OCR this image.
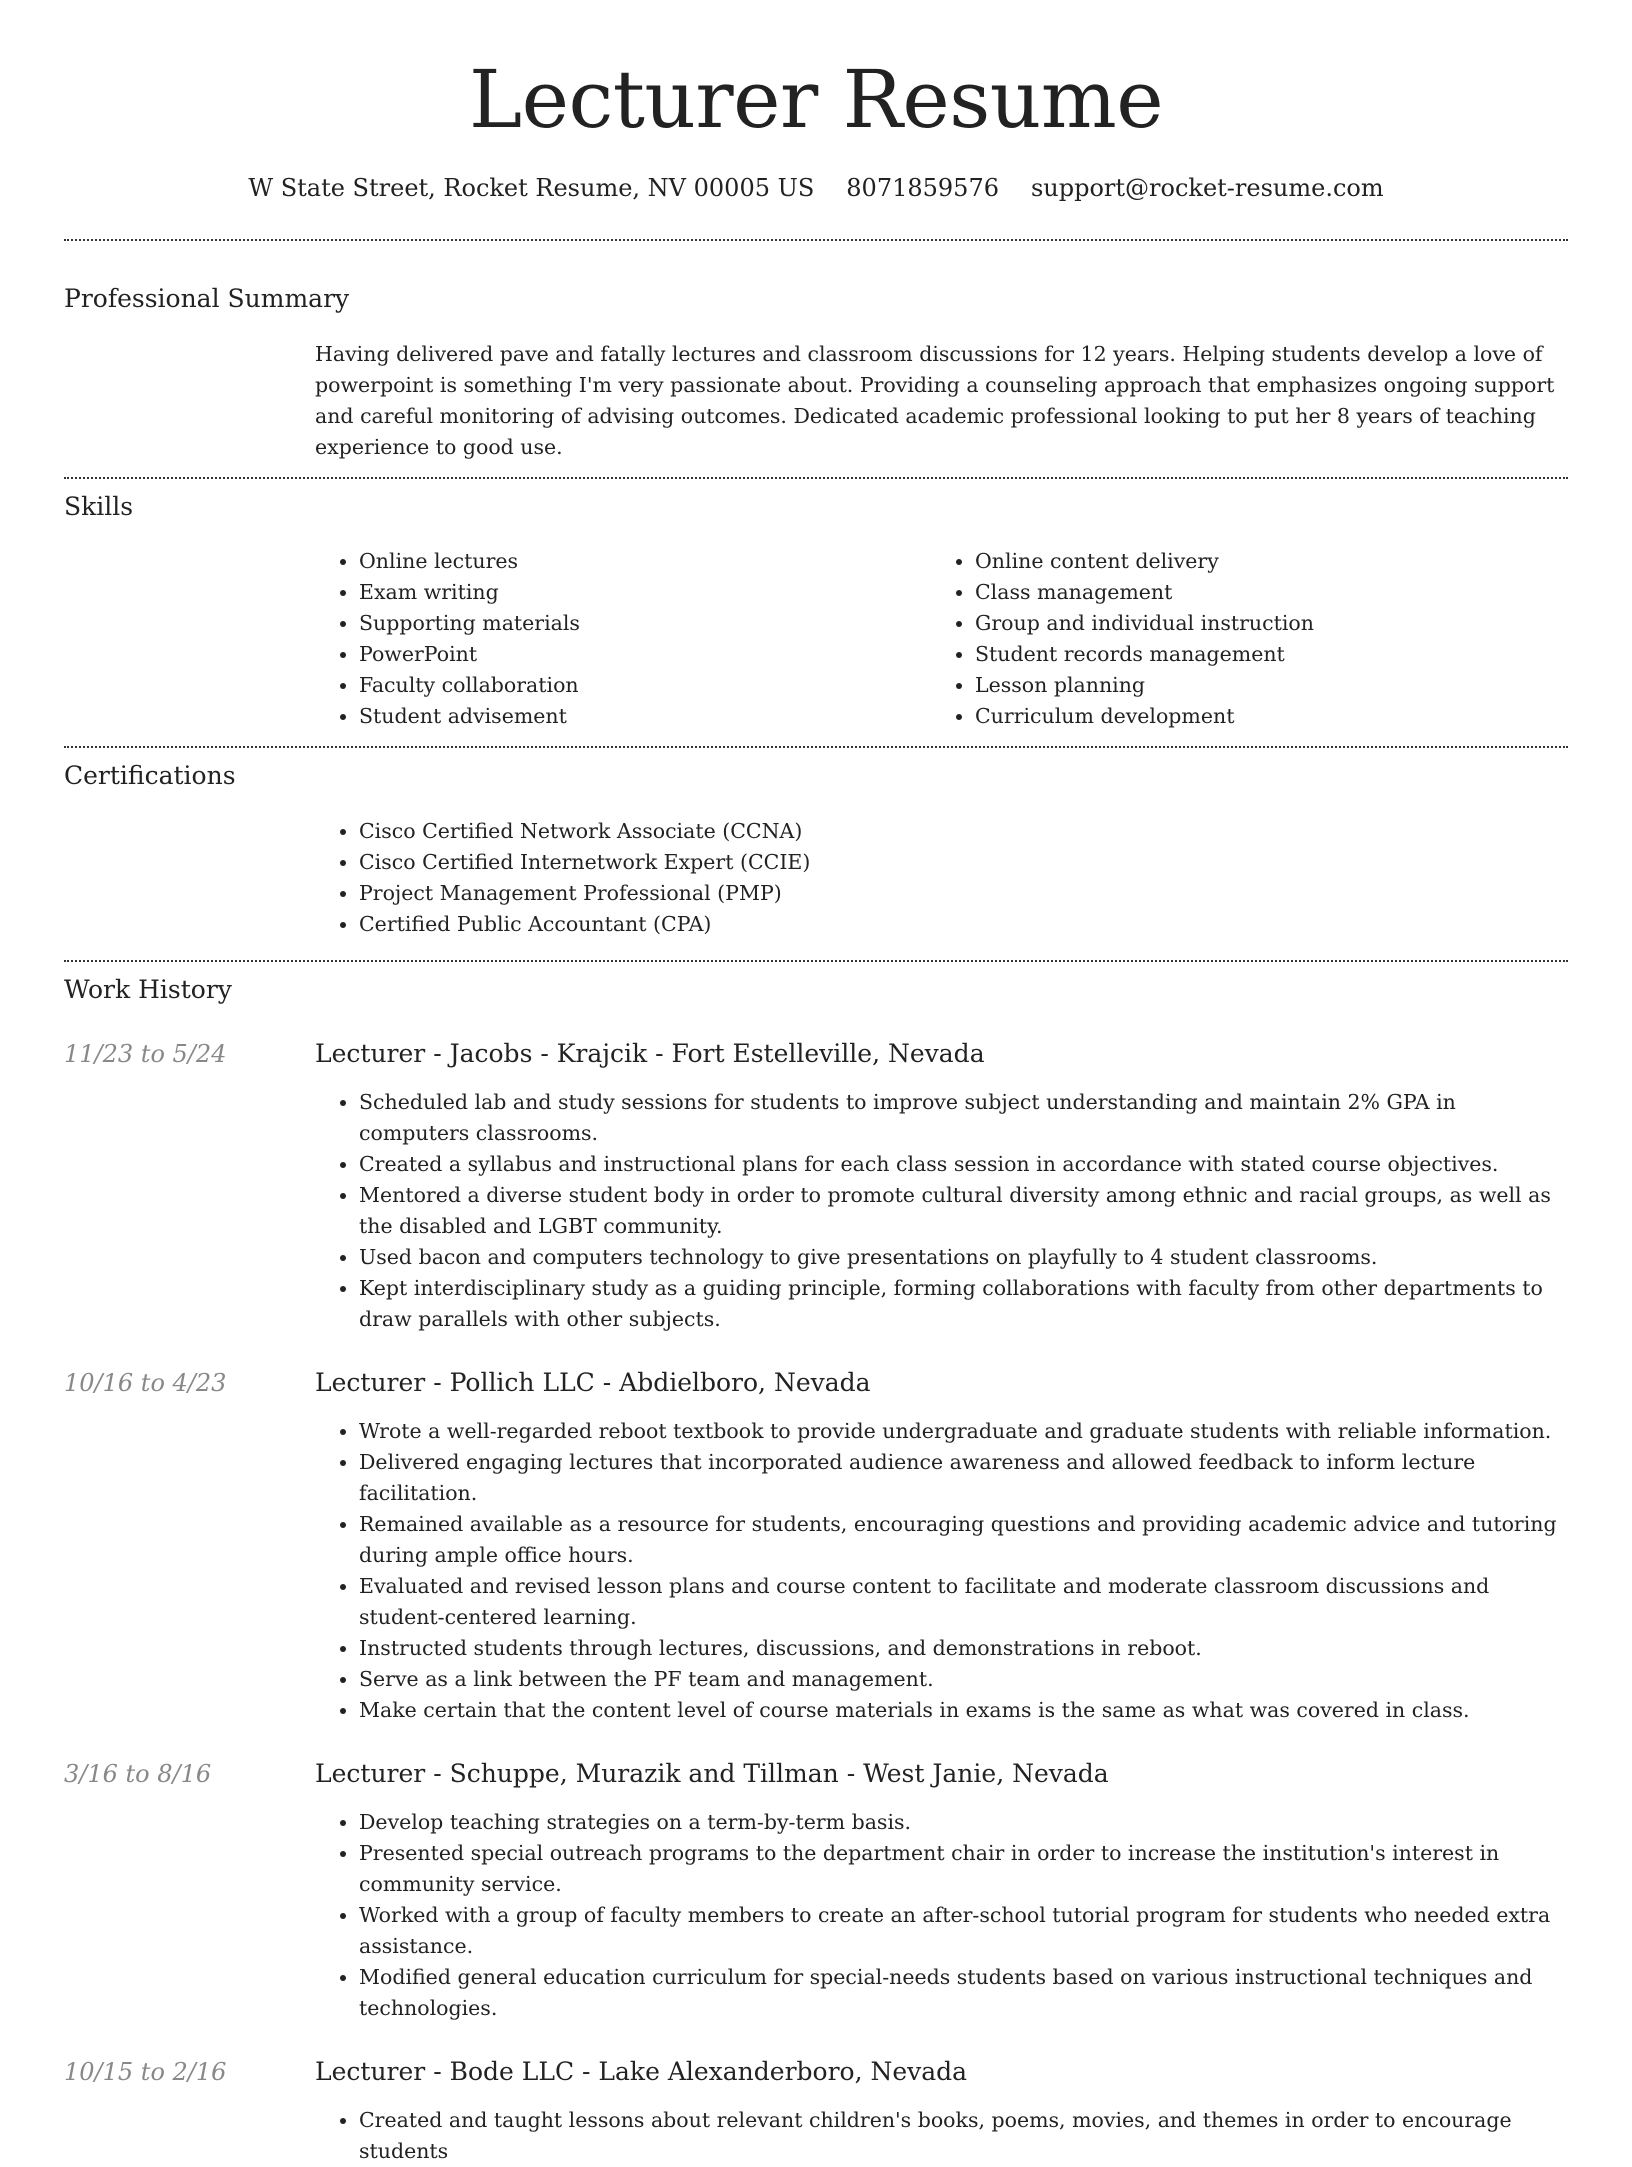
Lecturer Resume
W State Street, Rocket Resume, NV 00005 US 8071859576 support@rocket-resume.com
Professional Summary

Having delivered pave and fatally lectures and classroom discussions for 12 years. Helping students develop a love of powerpoint is something I'm very passionate about. Providing a counseling approach that emphasizes ongoing support and careful monitoring of advising outcomes. Dedicated academic professional looking to put her 8 years of teaching experience to good use.

Skills
• Online lectures
• Exam writing
• Supporting materials
• PowerPoint
• Faculty collaboration
• Student advisement
• Online content delivery
• Class management
• Group and individual instruction
• Student records management
• Lesson planning
• Curriculum development
Certifications
• Cisco Certified Network Associate (CCNA)
• Cisco Certified Internetwork Expert (CCIE)
• Project Management Professional (PMP)
• Certified Public Accountant (CPA)
Work History
11/23 to 5/24	Lecturer - Jacobs - Krajcik - Fort Estelleville, Nevada
• Scheduled lab and study sessions for students to improve subject understanding and maintain 2% GPA in computers classrooms.
• Created a syllabus and instructional plans for each class session in accordance with stated course objectives.
• Mentored a diverse student body in order to promote cultural diversity among ethnic and racial groups, as well as the disabled and LGBT community.
• Used bacon and computers technology to give presentations on playfully to 4 student classrooms.
• Kept interdisciplinary study as a guiding principle, forming collaborations with faculty from other departments to draw parallels with other subjects.
10/16 to 4/23	Lecturer - Pollich LLC - Abdielboro, Nevada
• Wrote a well-regarded reboot textbook to provide undergraduate and graduate students with reliable information.
• Delivered engaging lectures that incorporated audience awareness and allowed feedback to inform lecture facilitation.
• Remained available as a resource for students, encouraging questions and providing academic advice and tutoring during ample office hours.
• Evaluated and revised lesson plans and course content to facilitate and moderate classroom discussions and student-centered learning.
• Instructed students through lectures, discussions, and demonstrations in reboot.
• Serve as a link between the PF team and management.
• Make certain that the content level of course materials in exams is the same as what was covered in class.
3/16 to 8/16	Lecturer - Schuppe, Murazik and Tillman - West Janie, Nevada
• Develop teaching strategies on a term-by-term basis.
• Presented special outreach programs to the department chair in order to increase the institution's interest in community service.
• Worked with a group of faculty members to create an after-school tutorial program for students who needed extra assistance.
• Modified general education curriculum for special-needs students based on various instructional techniques and technologies.
10/15 to 2/16	Lecturer - Bode LLC - Lake Alexanderboro, Nevada
• Created and taught lessons about relevant children's books, poems, movies, and themes in order to encourage students
